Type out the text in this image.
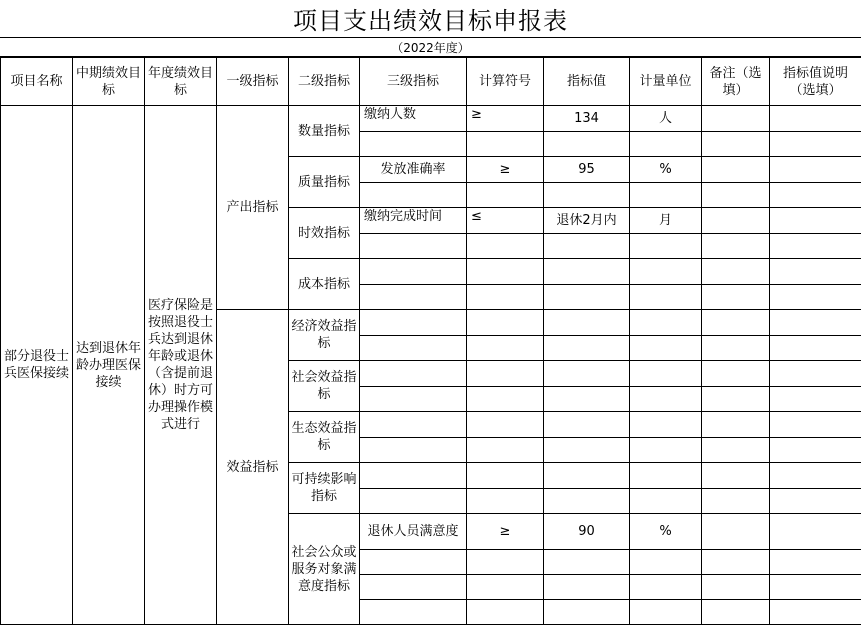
项目支出绩效目标申报表
（2022年度）
项目名称	中期绩效目标	年度绩效目标	一级指标	二级指标	三级指标	计算符号	指标值	计量单位	备注（选填）	指标值说明（选填）
部分退役士兵医保接续	达到退休年龄办理医保接续	医疗保险是按照退役士兵达到退休年龄或退休（含提前退休）时方可办理操作模式进行	产出指标	数量指标	缴纳人数	≥	134	人		

				质量指标	发放准确率	≥	95	%		

				时效指标	缴纳完成时间	≤	退休2月内	月		

				成本指标						

			效益指标	经济效益指标						

				社会效益指标						

				生态效益指标						

				可持续影响指标						

				社会公众或服务对象满意度指标	退休人员满意度	≥	90	%		
